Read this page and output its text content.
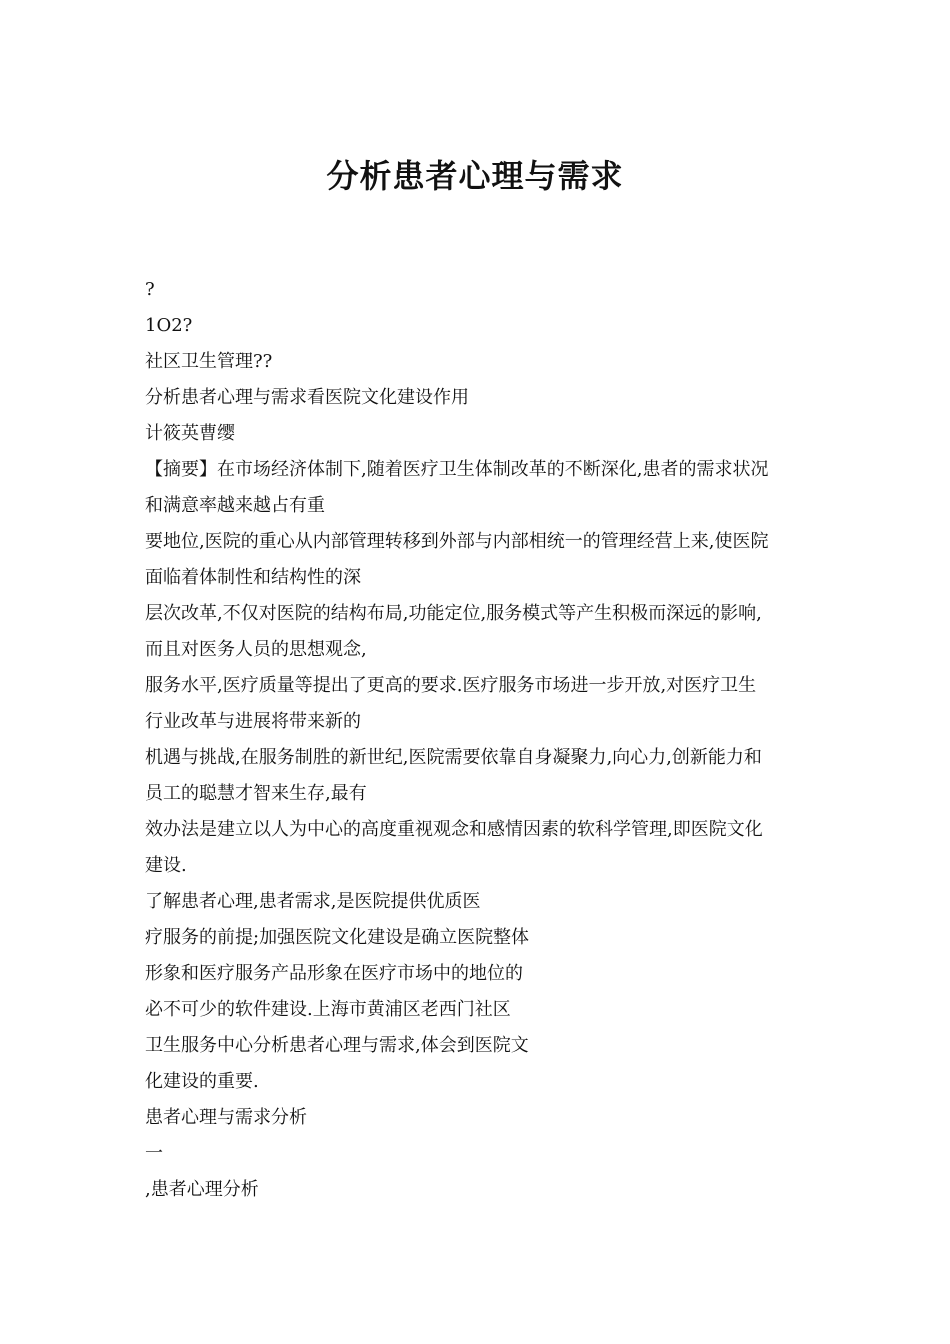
分析患者心理与需求

?

1O2?

社区卫生管理??

分析患者心理与需求看医院文化建设作用

计筱英曹缨

【摘要】在市场经济体制下,随着医疗卫生体制改革的不断深化,患者的需求状况

和满意率越来越占有重

要地位,医院的重心从内部管理转移到外部与内部相统一的管理经营上来,使医院

面临着体制性和结构性的深

层次改革,不仅对医院的结构布局,功能定位,服务模式等产生积极而深远的影响,

而且对医务人员的思想观念,

服务水平,医疗质量等提出了更高的要求.医疗服务市场进一步开放,对医疗卫生

行业改革与进展将带来新的

机遇与挑战,在服务制胜的新世纪,医院需要依靠自身凝聚力,向心力,创新能力和

员工的聪慧才智来生存,最有

效办法是建立以人为中心的高度重视观念和感情因素的软科学管理,即医院文化

建设.

了解患者心理,患者需求,是医院提供优质医

疗服务的前提;加强医院文化建设是确立医院整体

形象和医疗服务产品形象在医疗市场中的地位的

必不可少的软件建设.上海市黄浦区老西门社区

卫生服务中心分析患者心理与需求,体会到医院文

化建设的重要.

患者心理与需求分析

一

,患者心理分析
